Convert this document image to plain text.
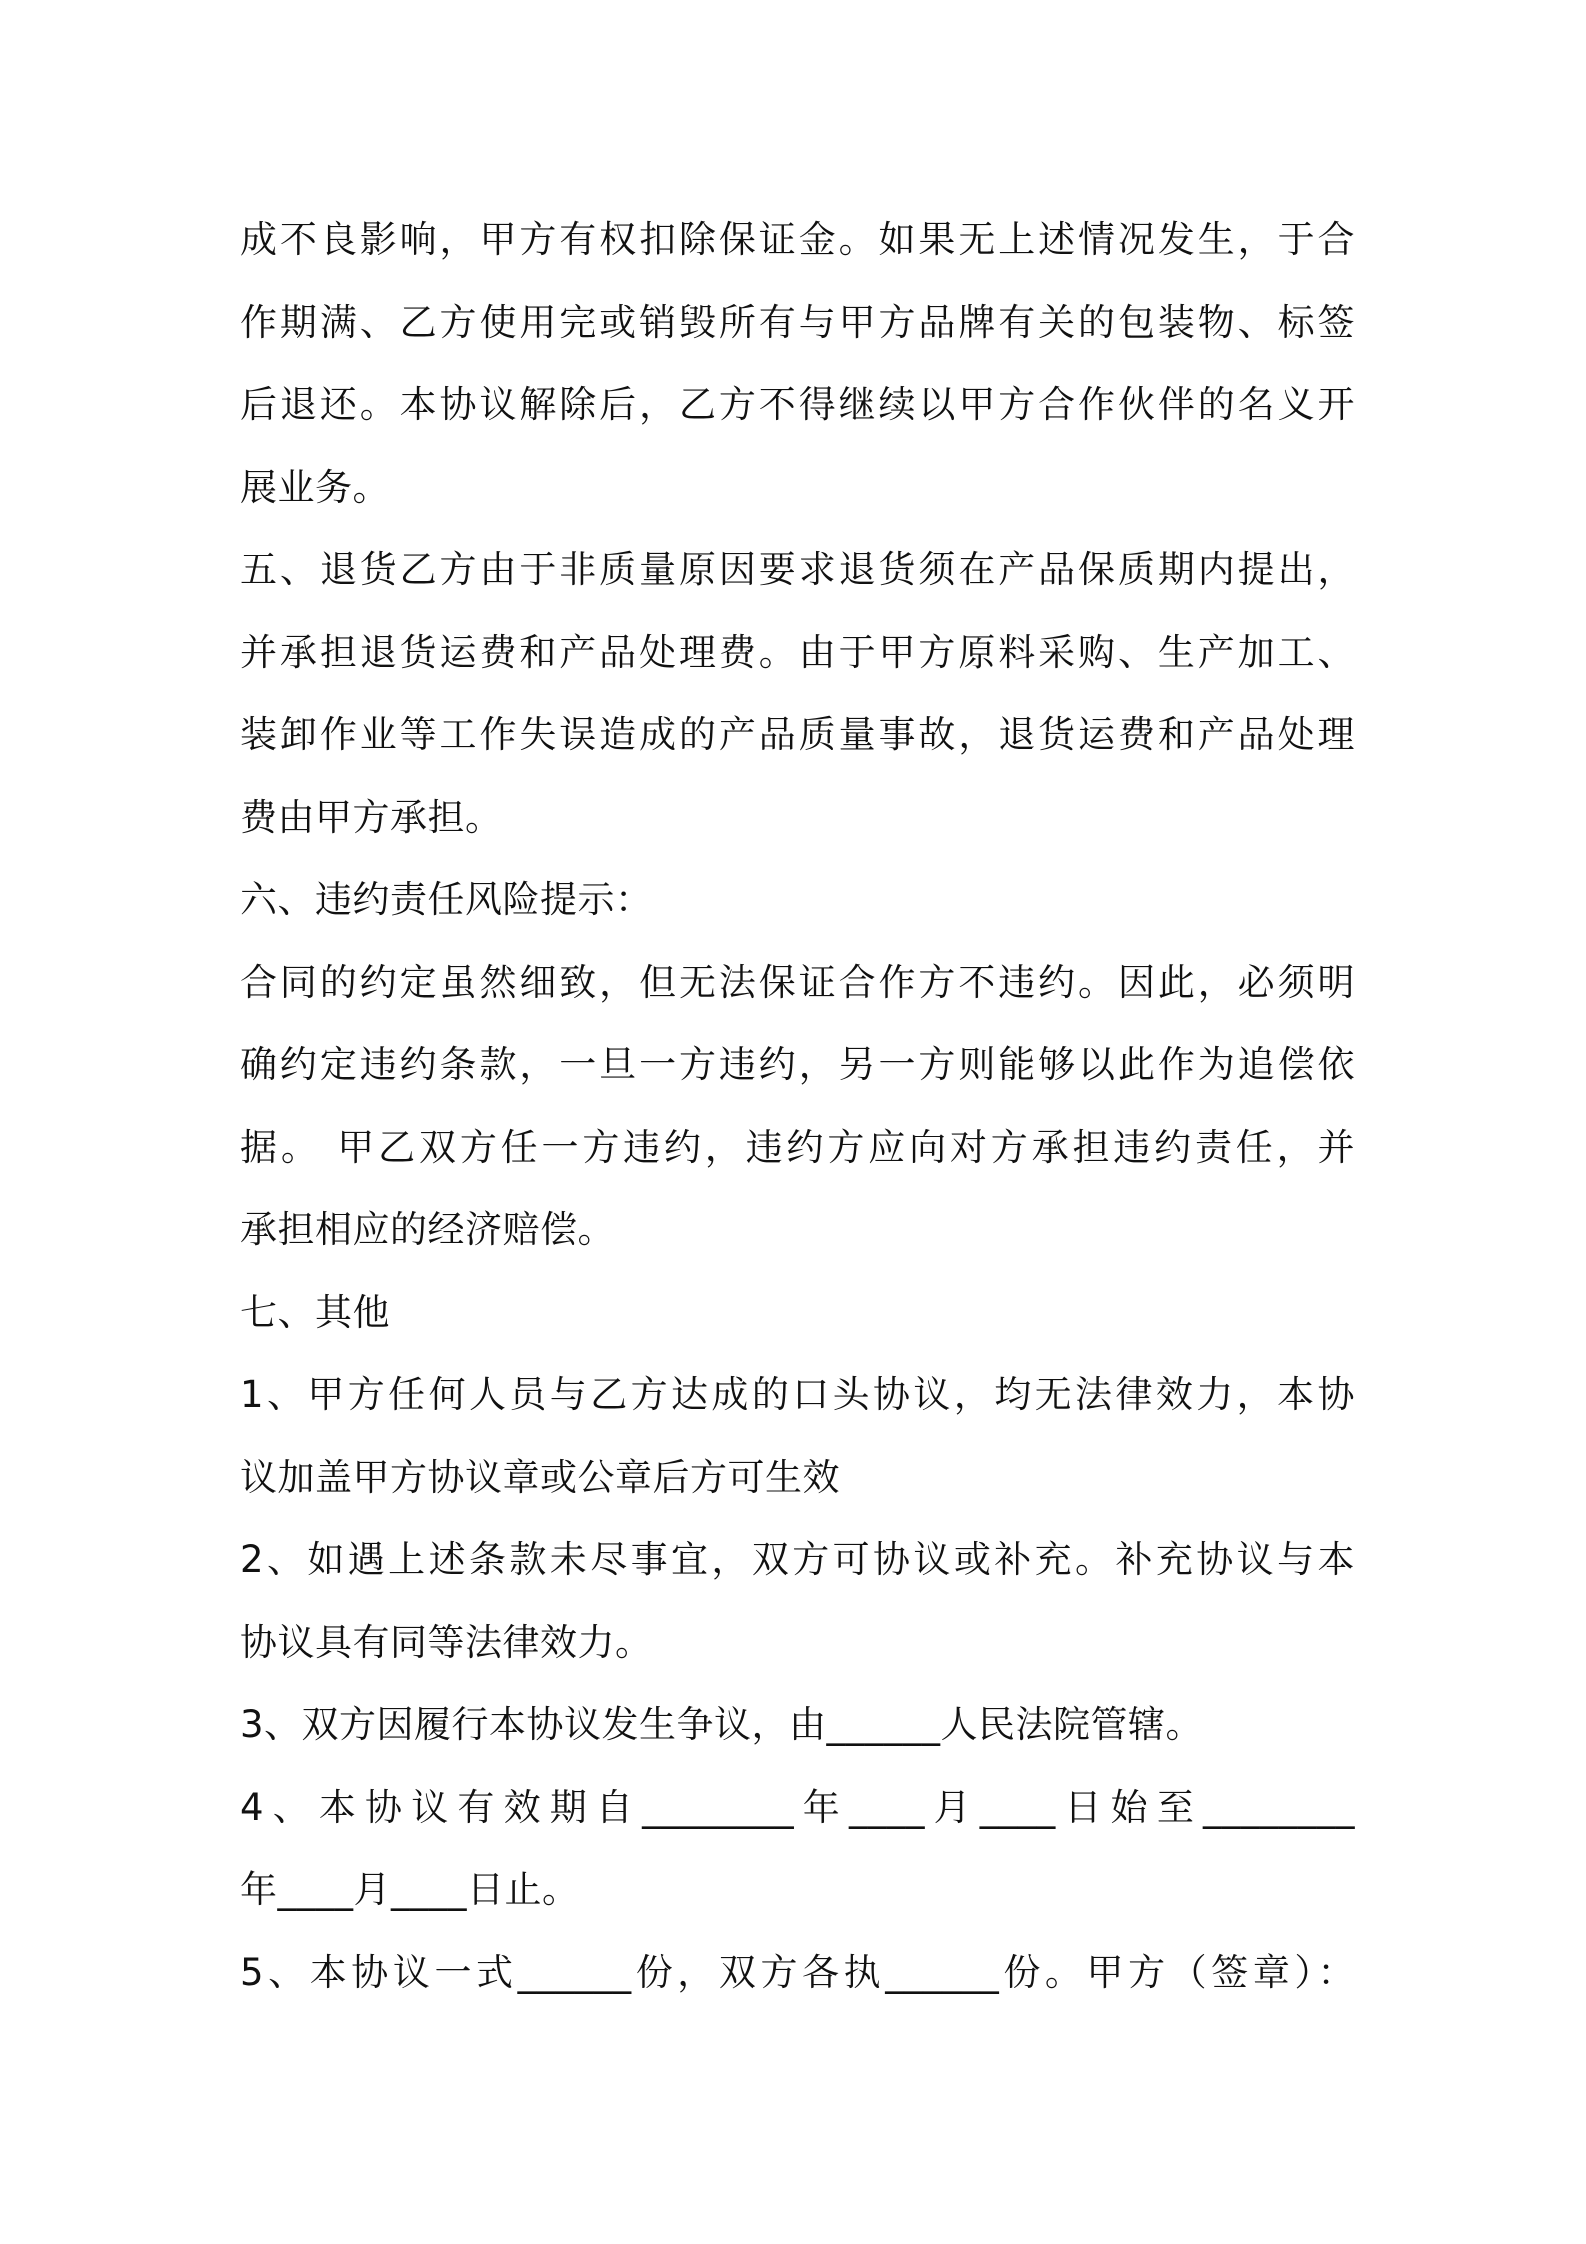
成不良影响，甲方有权扣除保证金。如果无上述情况发生，于合
作期满、乙方使用完或销毁所有与甲方品牌有关的包装物、标签
后退还。本协议解除后，乙方不得继续以甲方合作伙伴的名义开
展业务。
五、退货乙方由于非质量原因要求退货须在产品保质期内提出，
并承担退货运费和产品处理费。由于甲方原料采购、生产加工、
装卸作业等工作失误造成的产品质量事故，退货运费和产品处理
费由甲方承担。
六、违约责任风险提示：
合同的约定虽然细致，但无法保证合作方不违约。因此，必须明
确约定违约条款，一旦一方违约，另一方则能够以此作为追偿依
据。 甲乙双方任一方违约，违约方应向对方承担违约责任，并
承担相应的经济赔偿。
七、其他
1、甲方任何人员与乙方达成的口头协议，均无法律效力，本协
议加盖甲方协议章或公章后方可生效
2、如遇上述条款未尽事宜，双方可协议或补充。补充协议与本
协议具有同等法律效力。
3、双方因履行本协议发生争议，由______人民法院管辖。
4、本协议有效期自________年____月____日始至________
年____月____日止。
5、本协议一式______份，双方各执______份。甲方（签章）：
